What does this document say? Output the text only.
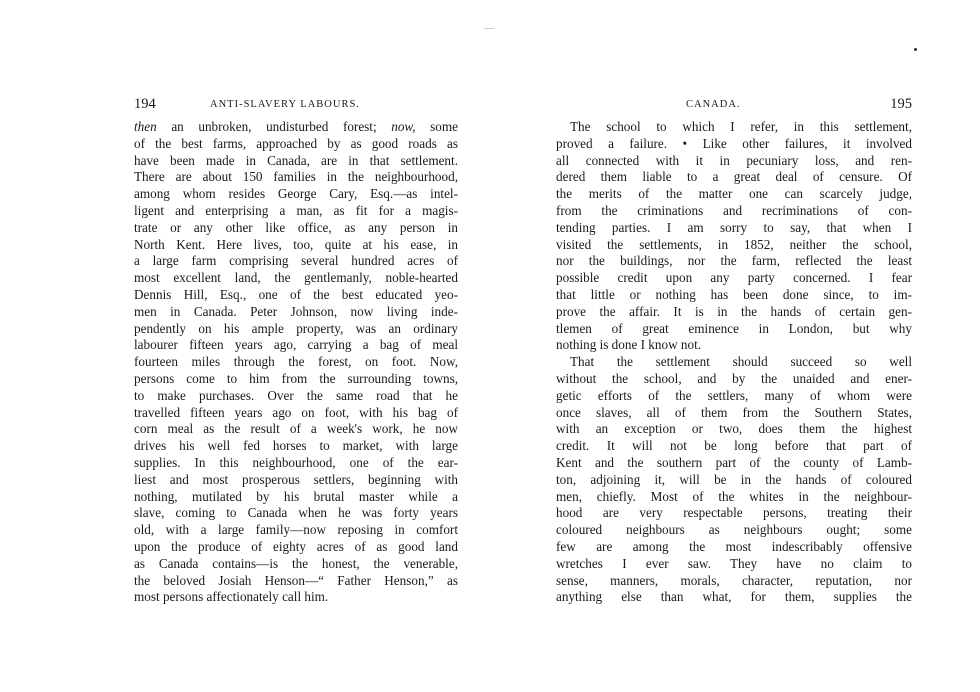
194	ANTI-SLAVERY LABOURS.
then an unbroken, undisturbed forest; now, some
of the best farms, approached by as good roads as
have been made in Canada, are in that settlement.
There are about 150 families in the neighbourhood,
among whom resides George Cary, Esq.—as intel-
ligent and enterprising a man, as fit for a magis-
trate or any other like office, as any person in
North Kent. Here lives, too, quite at his ease, in
a large farm comprising several hundred acres of
most excellent land, the gentlemanly, noble-hearted
Dennis Hill, Esq., one of the best educated yeo-
men in Canada. Peter Johnson, now living inde-
pendently on his ample property, was an ordinary
labourer fifteen years ago, carrying a bag of meal
fourteen miles through the forest, on foot. Now,
persons come to him from the surrounding towns,
to make purchases. Over the same road that he
travelled fifteen years ago on foot, with his bag of
corn meal as the result of a week's work, he now
drives his well fed horses to market, with large
supplies. In this neighbourhood, one of the ear-
liest and most prosperous settlers, beginning with
nothing, mutilated by his brutal master while a
slave, coming to Canada when he was forty years
old, with a large family—now reposing in comfort
upon the produce of eighty acres of as good land
as Canada contains—is the honest, the venerable,
the beloved Josiah Henson—“ Father Henson,” as
most persons affectionately call him.
CANADA.	195
The school to which I refer, in this settlement,
proved a failure. • Like other failures, it involved
all connected with it in pecuniary loss, and ren-
dered them liable to a great deal of censure. Of
the merits of the matter one can scarcely judge,
from the criminations and recriminations of con-
tending parties. I am sorry to say, that when I
visited the settlements, in 1852, neither the school,
nor the buildings, nor the farm, reflected the least
possible credit upon any party concerned. I fear
that little or nothing has been done since, to im-
prove the affair. It is in the hands of certain gen-
tlemen of great eminence in London, but why
nothing is done I know not.
That the settlement should succeed so well
without the school, and by the unaided and ener-
getic efforts of the settlers, many of whom were
once slaves, all of them from the Southern States,
with an exception or two, does them the highest
credit. It will not be long before that part of
Kent and the southern part of the county of Lamb-
ton, adjoining it, will be in the hands of coloured
men, chiefly. Most of the whites in the neighbour-
hood are very respectable persons, treating their
coloured neighbours as neighbours ought; some
few are among the most indescribably offensive
wretches I ever saw. They have no claim to
sense, manners, morals, character, reputation, nor
anything else than what, for them, supplies the
